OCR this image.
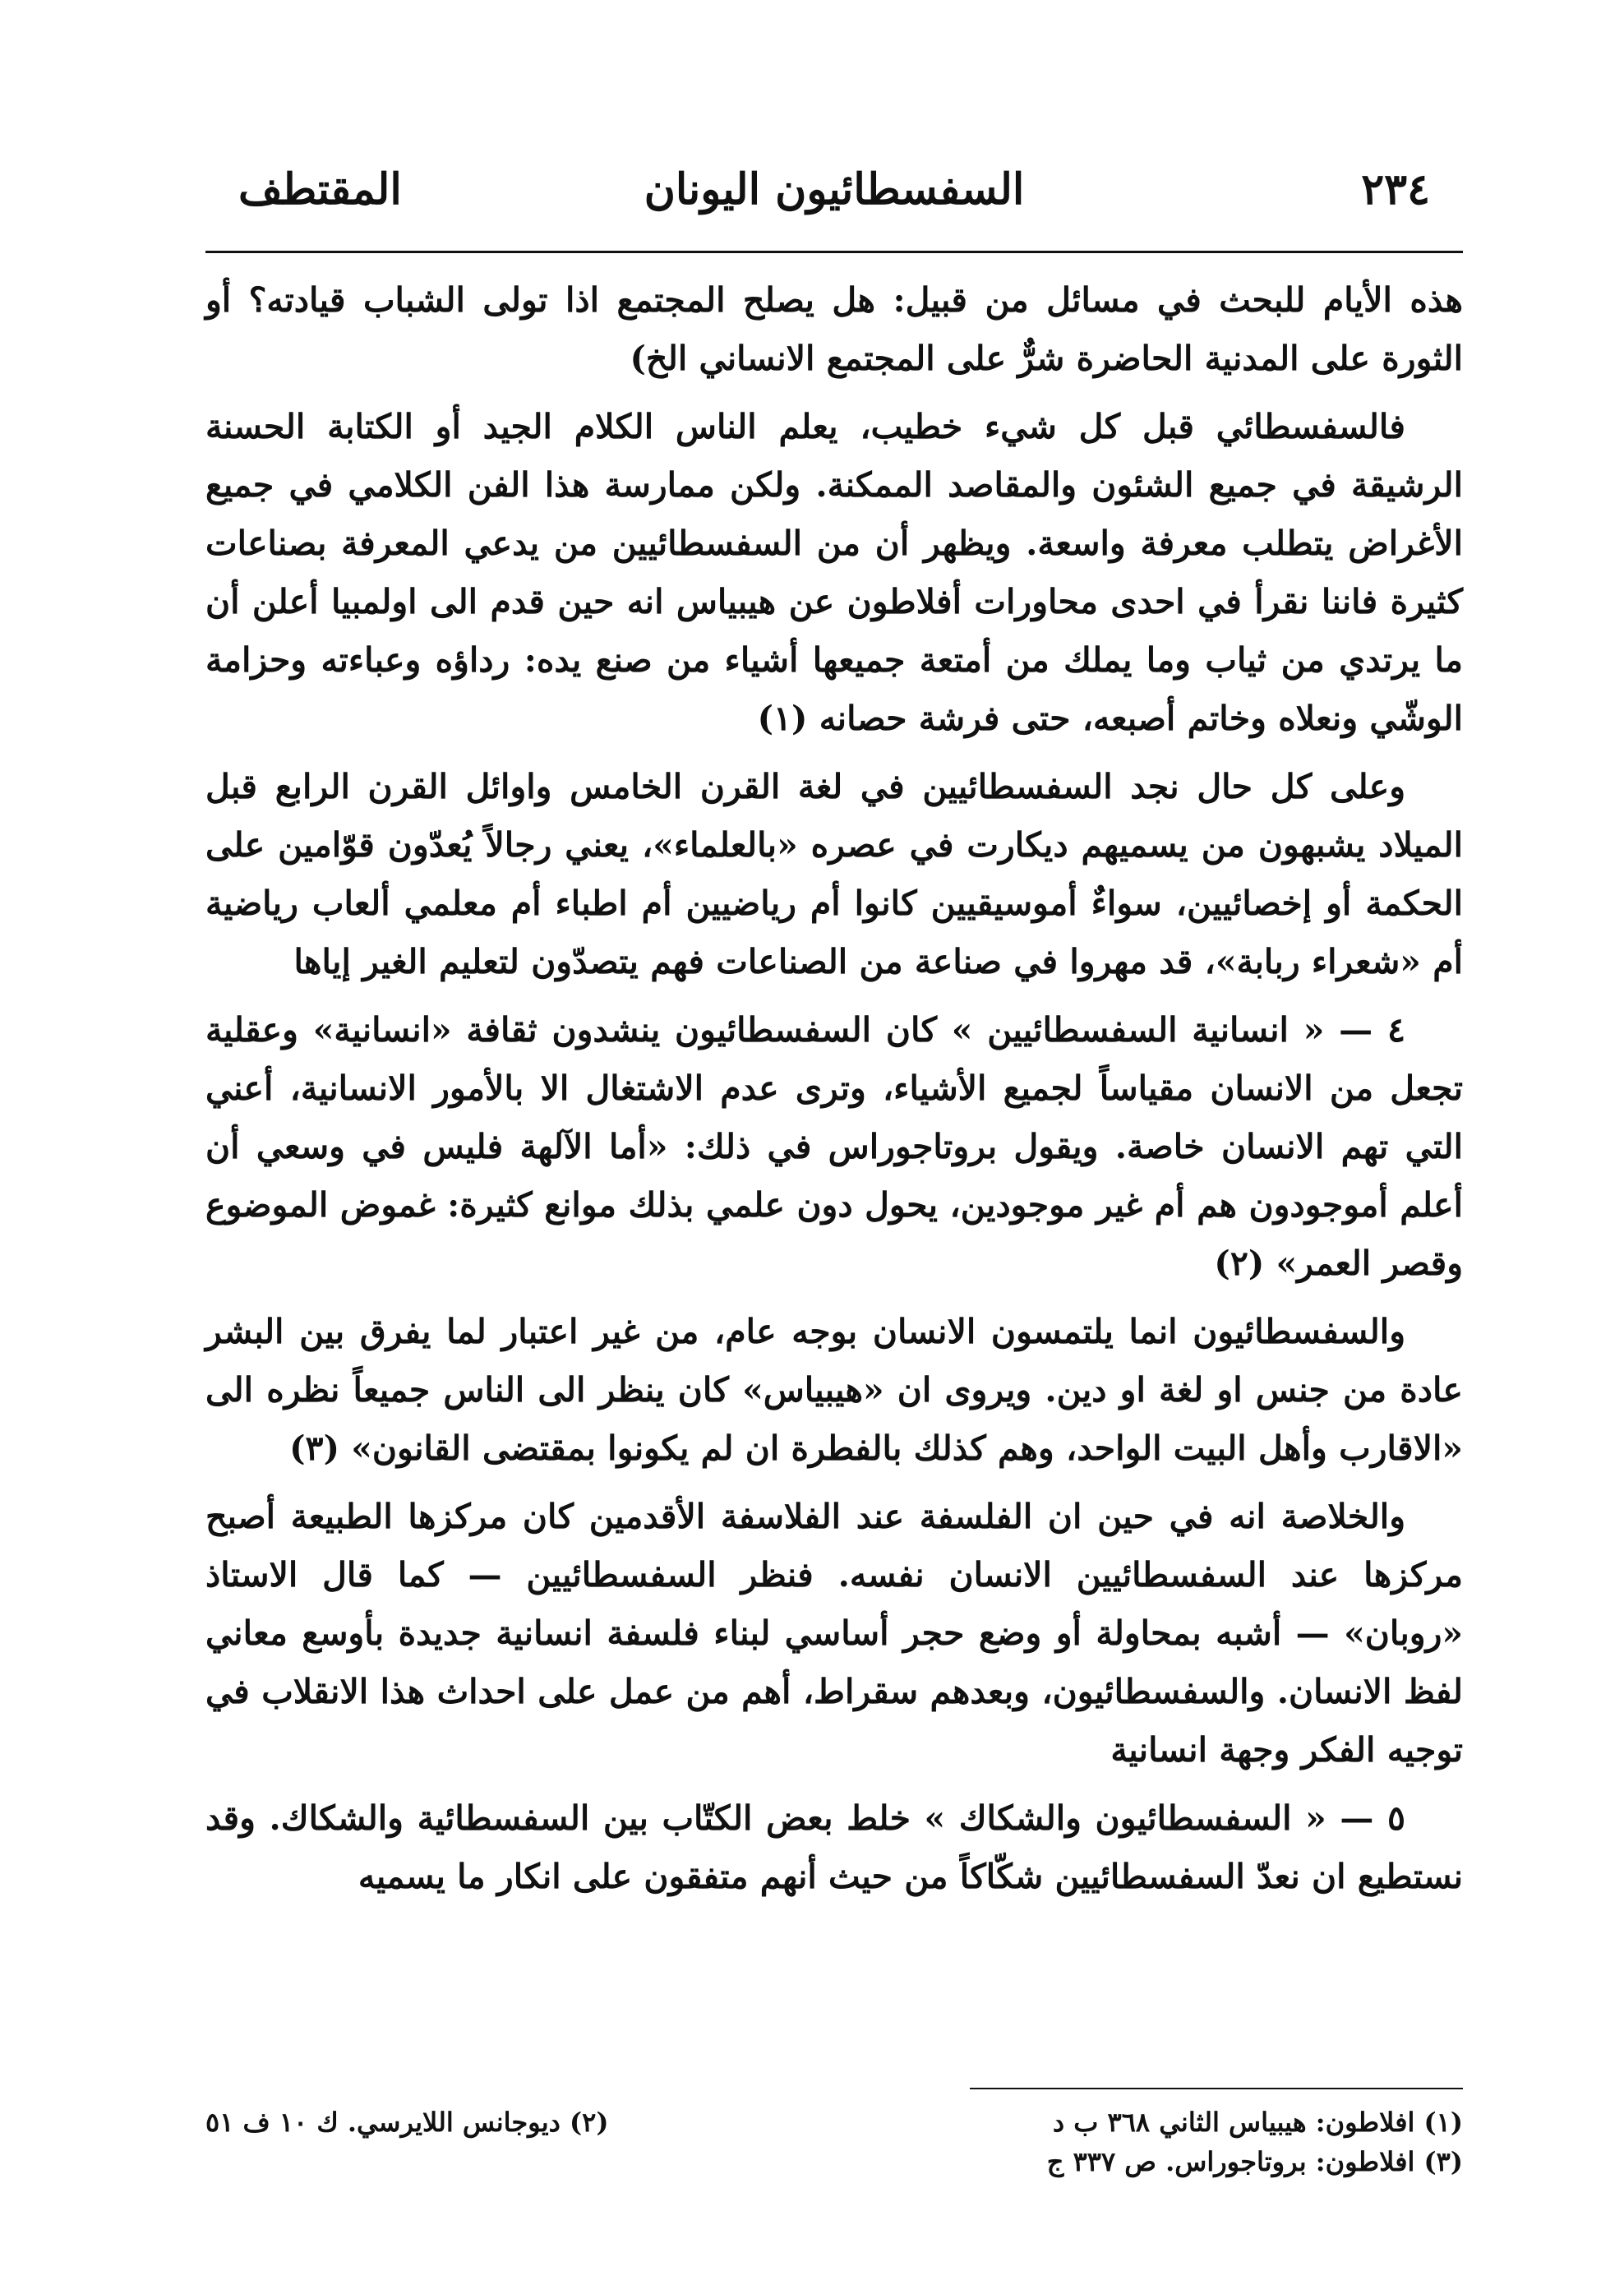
٢٣٤
السفسطائيون اليونان
المقتطف

هذه الأيام للبحث في مسائل من قبيل: هل يصلح المجتمع اذا تولى الشباب قيادته؟ أو الثورة على المدنية الحاضرة شرٌّ على المجتمع الانساني الخ)

فالسفسطائي قبل كل شيء خطيب، يعلم الناس الكلام الجيد أو الكتابة الحسنة الرشيقة في جميع الشئون والمقاصد الممكنة. ولكن ممارسة هذا الفن الكلامي في جميع الأغراض يتطلب معرفة واسعة. ويظهر أن من السفسطائيين من يدعي المعرفة بصناعات كثيرة فاننا نقرأ في احدى محاورات أفلاطون عن هيبياس انه حين قدم الى اولمبيا أعلن أن ما يرتدي من ثياب وما يملك من أمتعة جميعها أشياء من صنع يده: رداؤه وعباءته وحزامة الوشّي ونعلاه وخاتم أصبعه، حتى فرشة حصانه (١)

وعلى كل حال نجد السفسطائيين في لغة القرن الخامس واوائل القرن الرابع قبل الميلاد يشبهون من يسميهم ديكارت في عصره «بالعلماء»، يعني رجالاً يُعدّون قوّامين على الحكمة أو إخصائيين، سواءٌ أموسيقيين كانوا أم رياضيين أم اطباء أم معلمي ألعاب رياضية أم «شعراء ربابة»، قد مهروا في صناعة من الصناعات فهم يتصدّون لتعليم الغير إياها

٤ — « انسانية السفسطائيين » كان السفسطائيون ينشدون ثقافة «انسانية» وعقلية تجعل من الانسان مقياساً لجميع الأشياء، وترى عدم الاشتغال الا بالأمور الانسانية، أعني التي تهم الانسان خاصة. ويقول بروتاجوراس في ذلك: «أما الآلهة فليس في وسعي أن أعلم أموجودون هم أم غير موجودين، يحول دون علمي بذلك موانع كثيرة: غموض الموضوع وقصر العمر» (٢)

والسفسطائيون انما يلتمسون الانسان بوجه عام، من غير اعتبار لما يفرق بين البشر عادة من جنس او لغة او دين. ويروى ان «هيبياس» كان ينظر الى الناس جميعاً نظره الى «الاقارب وأهل البيت الواحد، وهم كذلك بالفطرة ان لم يكونوا بمقتضى القانون» (٣)

والخلاصة انه في حين ان الفلسفة عند الفلاسفة الأقدمين كان مركزها الطبيعة أصبح مركزها عند السفسطائيين الانسان نفسه. فنظر السفسطائيين — كما قال الاستاذ «روبان» — أشبه بمحاولة أو وضع حجر أساسي لبناء فلسفة انسانية جديدة بأوسع معاني لفظ الانسان. والسفسطائيون، وبعدهم سقراط، أهم من عمل على احداث هذا الانقلاب في توجيه الفكر وجهة انسانية

٥ — « السفسطائيون والشكاك » خلط بعض الكتّاب بين السفسطائية والشكاك. وقد نستطيع ان نعدّ السفسطائيين شكّاكاً من حيث أنهم متفقون على انكار ما يسميه

(١) افلاطون: هيبياس الثاني ٣٦٨ ب د
(٢) ديوجانس اللايرسي. ك ١٠ ف ٥١
(٣) افلاطون: بروتاجوراس. ص ٣٣٧ ج
